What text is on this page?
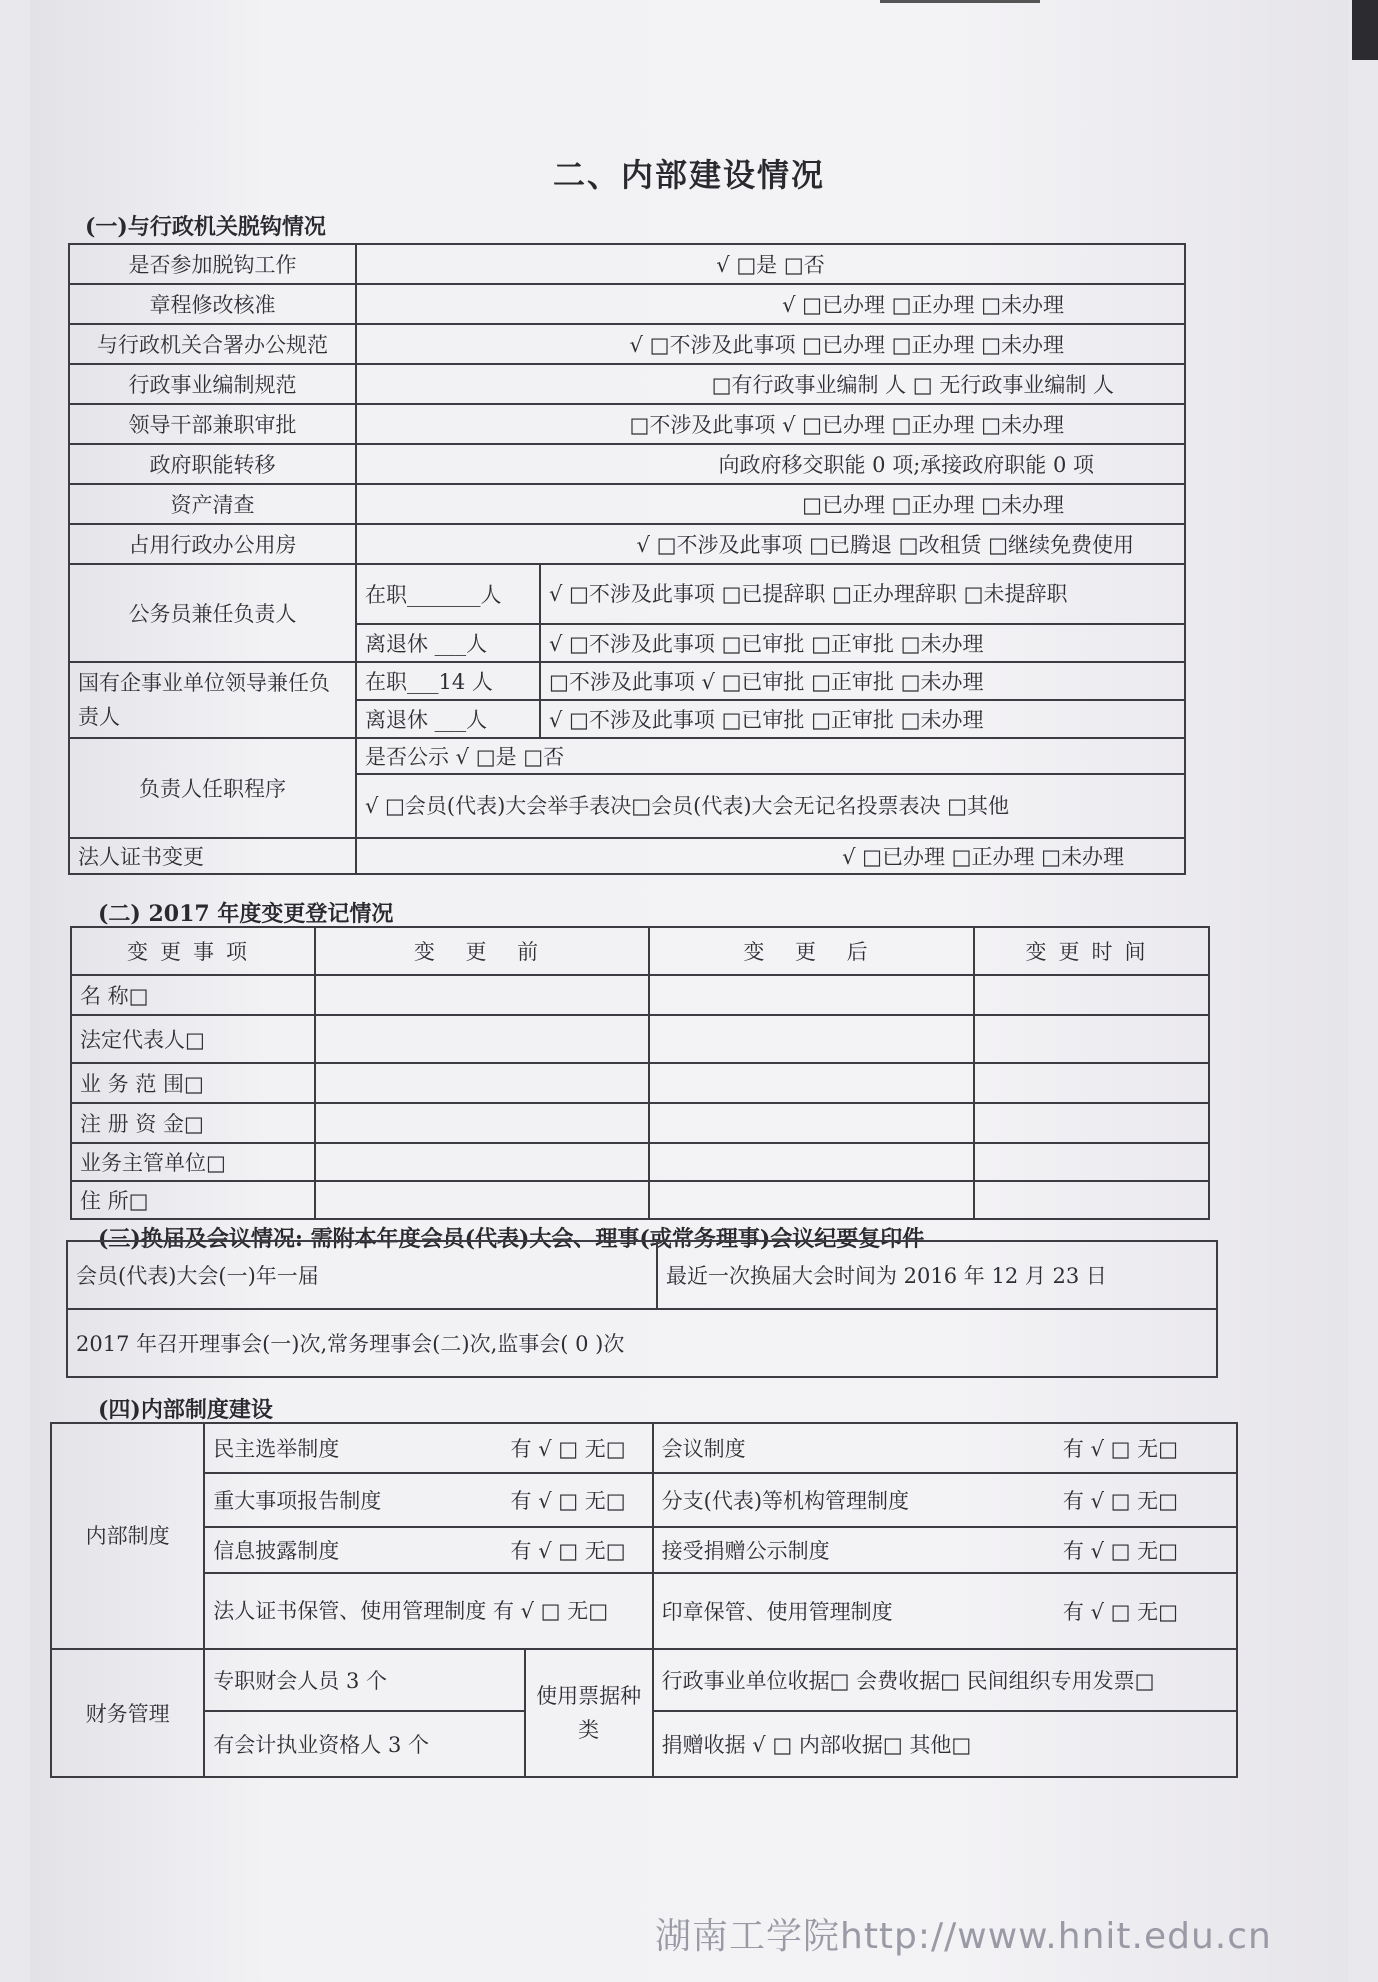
二、内部建设情况
(一)与行政机关脱钩情况
是否参加脱钩工作	√ □是 □否	
章程修改核准	√ □已办理 □正办理 □未办理	
与行政机关合署办公规范	√ □不涉及此事项 □已办理 □正办理 □未办理	
行政事业编制规范	□有行政事业编制 人 □ 无行政事业编制 人	
领导干部兼职审批	□不涉及此事项 √ □已办理 □正办理 □未办理	
政府职能转移	向政府移交职能 0 项;承接政府职能 0 项	
资产清查	□已办理 □正办理 □未办理	
占用行政办公用房	√ □不涉及此事项 □已腾退 □改租赁 □继续免费使用	
公务员兼任负责人	在职_______人	√ □不涉及此事项 □已提辞职 □正办理辞职 □未提辞职
	离退休 ___人	√ □不涉及此事项 □已审批 □正审批 □未办理
国有企事业单位领导兼任负责人	在职___14 人	□不涉及此事项 √ □已审批 □正审批 □未办理
	离退休 ___人	√ □不涉及此事项 □已审批 □正审批 □未办理
负责人任职程序	是否公示 √ □是 □否	
	√ □会员(代表)大会举手表决□会员(代表)大会无记名投票表决 □其他	
法人证书变更	√ □已办理 □正办理 □未办理	
(二) 2017 年度变更登记情况
变更事项	变 更 前	变 更 后	变更时间
名 称□			
法定代表人□			
业 务 范 围□			
注 册 资 金□			
业务主管单位□			
住 所□			
(三)换届及会议情况: 需附本年度会员(代表)大会、理事(或常务理事)会议纪要复印件
会员(代表)大会(一)年一届	最近一次换届大会时间为 2016 年 12 月 23 日
2017 年召开理事会(一)次,常务理事会(二)次,监事会( 0 )次
(四)内部制度建设
内部制度	民主选举制度 有 √ □ 无□		会议制度 有 √ □ 无□

	重大事项报告制度 有 √ □ 无□		分支(代表)等机构管理制度 有 √ □ 无□

	信息披露制度 有 √ □ 无□		接受捐赠公示制度 有 √ □ 无□

	法人证书保管、使用管理制度 有 √ □ 无□		印章保管、使用管理制度 有 √ □ 无□

财务管理	专职财会人员 3 个	使用票据种类	行政事业单位收据□ 会费收据□ 民间组织专用发票□
	有会计执业资格人 3 个		捐赠收据 √ □ 内部收据□ 其他□
湖南工学院http://www.hnit.edu.cn
